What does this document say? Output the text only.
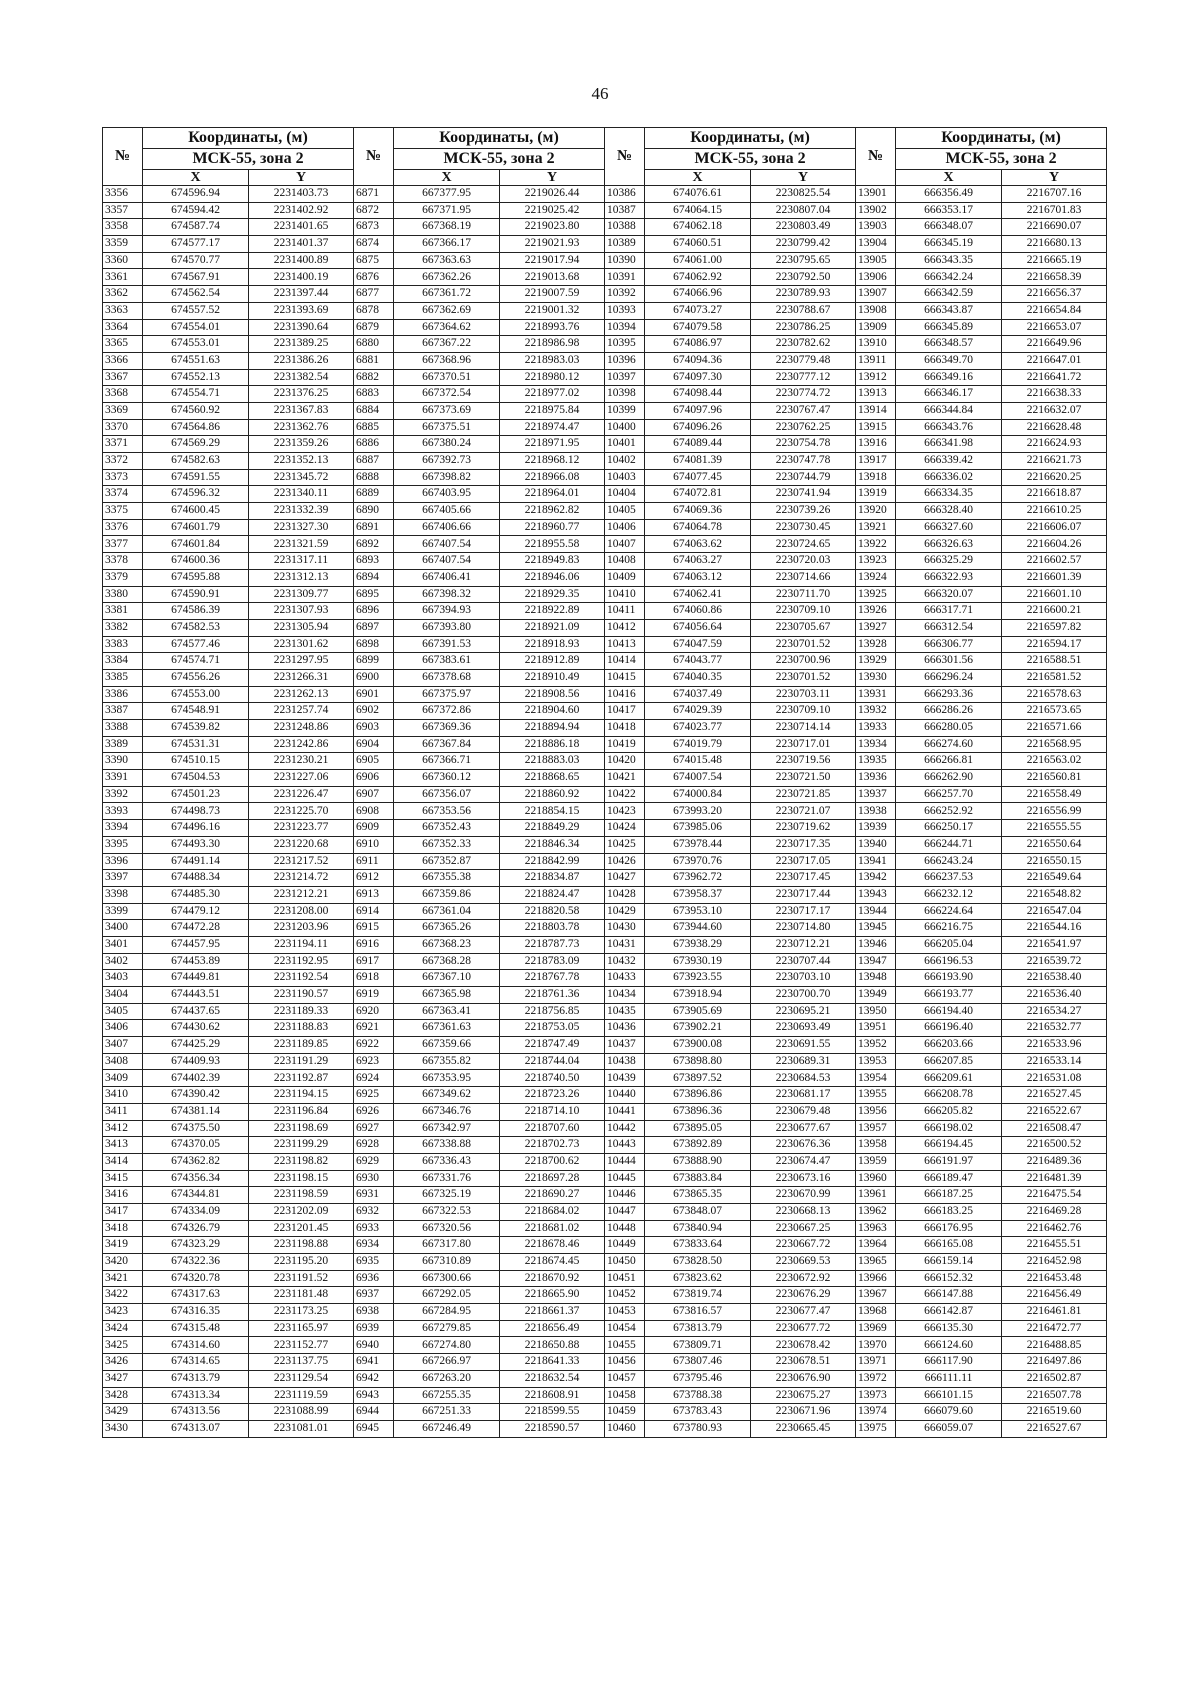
46
№	Координаты, (м)		№	Координаты, (м)		№	Координаты, (м)		№	Координаты, (м)	
	МСК-55, зона 2			МСК-55, зона 2			МСК-55, зона 2			МСК-55, зона 2	
	X	Y		X	Y		X	Y		X	Y
3356	674596.94	2231403.73	6871	667377.95	2219026.44	10386	674076.61	2230825.54	13901	666356.49	2216707.16
3357	674594.42	2231402.92	6872	667371.95	2219025.42	10387	674064.15	2230807.04	13902	666353.17	2216701.83
3358	674587.74	2231401.65	6873	667368.19	2219023.80	10388	674062.18	2230803.49	13903	666348.07	2216690.07
3359	674577.17	2231401.37	6874	667366.17	2219021.93	10389	674060.51	2230799.42	13904	666345.19	2216680.13
3360	674570.77	2231400.89	6875	667363.63	2219017.94	10390	674061.00	2230795.65	13905	666343.35	2216665.19
3361	674567.91	2231400.19	6876	667362.26	2219013.68	10391	674062.92	2230792.50	13906	666342.24	2216658.39
3362	674562.54	2231397.44	6877	667361.72	2219007.59	10392	674066.96	2230789.93	13907	666342.59	2216656.37
3363	674557.52	2231393.69	6878	667362.69	2219001.32	10393	674073.27	2230788.67	13908	666343.87	2216654.84
3364	674554.01	2231390.64	6879	667364.62	2218993.76	10394	674079.58	2230786.25	13909	666345.89	2216653.07
3365	674553.01	2231389.25	6880	667367.22	2218986.98	10395	674086.97	2230782.62	13910	666348.57	2216649.96
3366	674551.63	2231386.26	6881	667368.96	2218983.03	10396	674094.36	2230779.48	13911	666349.70	2216647.01
3367	674552.13	2231382.54	6882	667370.51	2218980.12	10397	674097.30	2230777.12	13912	666349.16	2216641.72
3368	674554.71	2231376.25	6883	667372.54	2218977.02	10398	674098.44	2230774.72	13913	666346.17	2216638.33
3369	674560.92	2231367.83	6884	667373.69	2218975.84	10399	674097.96	2230767.47	13914	666344.84	2216632.07
3370	674564.86	2231362.76	6885	667375.51	2218974.47	10400	674096.26	2230762.25	13915	666343.76	2216628.48
3371	674569.29	2231359.26	6886	667380.24	2218971.95	10401	674089.44	2230754.78	13916	666341.98	2216624.93
3372	674582.63	2231352.13	6887	667392.73	2218968.12	10402	674081.39	2230747.78	13917	666339.42	2216621.73
3373	674591.55	2231345.72	6888	667398.82	2218966.08	10403	674077.45	2230744.79	13918	666336.02	2216620.25
3374	674596.32	2231340.11	6889	667403.95	2218964.01	10404	674072.81	2230741.94	13919	666334.35	2216618.87
3375	674600.45	2231332.39	6890	667405.66	2218962.82	10405	674069.36	2230739.26	13920	666328.40	2216610.25
3376	674601.79	2231327.30	6891	667406.66	2218960.77	10406	674064.78	2230730.45	13921	666327.60	2216606.07
3377	674601.84	2231321.59	6892	667407.54	2218955.58	10407	674063.62	2230724.65	13922	666326.63	2216604.26
3378	674600.36	2231317.11	6893	667407.54	2218949.83	10408	674063.27	2230720.03	13923	666325.29	2216602.57
3379	674595.88	2231312.13	6894	667406.41	2218946.06	10409	674063.12	2230714.66	13924	666322.93	2216601.39
3380	674590.91	2231309.77	6895	667398.32	2218929.35	10410	674062.41	2230711.70	13925	666320.07	2216601.10
3381	674586.39	2231307.93	6896	667394.93	2218922.89	10411	674060.86	2230709.10	13926	666317.71	2216600.21
3382	674582.53	2231305.94	6897	667393.80	2218921.09	10412	674056.64	2230705.67	13927	666312.54	2216597.82
3383	674577.46	2231301.62	6898	667391.53	2218918.93	10413	674047.59	2230701.52	13928	666306.77	2216594.17
3384	674574.71	2231297.95	6899	667383.61	2218912.89	10414	674043.77	2230700.96	13929	666301.56	2216588.51
3385	674556.26	2231266.31	6900	667378.68	2218910.49	10415	674040.35	2230701.52	13930	666296.24	2216581.52
3386	674553.00	2231262.13	6901	667375.97	2218908.56	10416	674037.49	2230703.11	13931	666293.36	2216578.63
3387	674548.91	2231257.74	6902	667372.86	2218904.60	10417	674029.39	2230709.10	13932	666286.26	2216573.65
3388	674539.82	2231248.86	6903	667369.36	2218894.94	10418	674023.77	2230714.14	13933	666280.05	2216571.66
3389	674531.31	2231242.86	6904	667367.84	2218886.18	10419	674019.79	2230717.01	13934	666274.60	2216568.95
3390	674510.15	2231230.21	6905	667366.71	2218883.03	10420	674015.48	2230719.56	13935	666266.81	2216563.02
3391	674504.53	2231227.06	6906	667360.12	2218868.65	10421	674007.54	2230721.50	13936	666262.90	2216560.81
3392	674501.23	2231226.47	6907	667356.07	2218860.92	10422	674000.84	2230721.85	13937	666257.70	2216558.49
3393	674498.73	2231225.70	6908	667353.56	2218854.15	10423	673993.20	2230721.07	13938	666252.92	2216556.99
3394	674496.16	2231223.77	6909	667352.43	2218849.29	10424	673985.06	2230719.62	13939	666250.17	2216555.55
3395	674493.30	2231220.68	6910	667352.33	2218846.34	10425	673978.44	2230717.35	13940	666244.71	2216550.64
3396	674491.14	2231217.52	6911	667352.87	2218842.99	10426	673970.76	2230717.05	13941	666243.24	2216550.15
3397	674488.34	2231214.72	6912	667355.38	2218834.87	10427	673962.72	2230717.45	13942	666237.53	2216549.64
3398	674485.30	2231212.21	6913	667359.86	2218824.47	10428	673958.37	2230717.44	13943	666232.12	2216548.82
3399	674479.12	2231208.00	6914	667361.04	2218820.58	10429	673953.10	2230717.17	13944	666224.64	2216547.04
3400	674472.28	2231203.96	6915	667365.26	2218803.78	10430	673944.60	2230714.80	13945	666216.75	2216544.16
3401	674457.95	2231194.11	6916	667368.23	2218787.73	10431	673938.29	2230712.21	13946	666205.04	2216541.97
3402	674453.89	2231192.95	6917	667368.28	2218783.09	10432	673930.19	2230707.44	13947	666196.53	2216539.72
3403	674449.81	2231192.54	6918	667367.10	2218767.78	10433	673923.55	2230703.10	13948	666193.90	2216538.40
3404	674443.51	2231190.57	6919	667365.98	2218761.36	10434	673918.94	2230700.70	13949	666193.77	2216536.40
3405	674437.65	2231189.33	6920	667363.41	2218756.85	10435	673905.69	2230695.21	13950	666194.40	2216534.27
3406	674430.62	2231188.83	6921	667361.63	2218753.05	10436	673902.21	2230693.49	13951	666196.40	2216532.77
3407	674425.29	2231189.85	6922	667359.66	2218747.49	10437	673900.08	2230691.55	13952	666203.66	2216533.96
3408	674409.93	2231191.29	6923	667355.82	2218744.04	10438	673898.80	2230689.31	13953	666207.85	2216533.14
3409	674402.39	2231192.87	6924	667353.95	2218740.50	10439	673897.52	2230684.53	13954	666209.61	2216531.08
3410	674390.42	2231194.15	6925	667349.62	2218723.26	10440	673896.86	2230681.17	13955	666208.78	2216527.45
3411	674381.14	2231196.84	6926	667346.76	2218714.10	10441	673896.36	2230679.48	13956	666205.82	2216522.67
3412	674375.50	2231198.69	6927	667342.97	2218707.60	10442	673895.05	2230677.67	13957	666198.02	2216508.47
3413	674370.05	2231199.29	6928	667338.88	2218702.73	10443	673892.89	2230676.36	13958	666194.45	2216500.52
3414	674362.82	2231198.82	6929	667336.43	2218700.62	10444	673888.90	2230674.47	13959	666191.97	2216489.36
3415	674356.34	2231198.15	6930	667331.76	2218697.28	10445	673883.84	2230673.16	13960	666189.47	2216481.39
3416	674344.81	2231198.59	6931	667325.19	2218690.27	10446	673865.35	2230670.99	13961	666187.25	2216475.54
3417	674334.09	2231202.09	6932	667322.53	2218684.02	10447	673848.07	2230668.13	13962	666183.25	2216469.28
3418	674326.79	2231201.45	6933	667320.56	2218681.02	10448	673840.94	2230667.25	13963	666176.95	2216462.76
3419	674323.29	2231198.88	6934	667317.80	2218678.46	10449	673833.64	2230667.72	13964	666165.08	2216455.51
3420	674322.36	2231195.20	6935	667310.89	2218674.45	10450	673828.50	2230669.53	13965	666159.14	2216452.98
3421	674320.78	2231191.52	6936	667300.66	2218670.92	10451	673823.62	2230672.92	13966	666152.32	2216453.48
3422	674317.63	2231181.48	6937	667292.05	2218665.90	10452	673819.74	2230676.29	13967	666147.88	2216456.49
3423	674316.35	2231173.25	6938	667284.95	2218661.37	10453	673816.57	2230677.47	13968	666142.87	2216461.81
3424	674315.48	2231165.97	6939	667279.85	2218656.49	10454	673813.79	2230677.72	13969	666135.30	2216472.77
3425	674314.60	2231152.77	6940	667274.80	2218650.88	10455	673809.71	2230678.42	13970	666124.60	2216488.85
3426	674314.65	2231137.75	6941	667266.97	2218641.33	10456	673807.46	2230678.51	13971	666117.90	2216497.86
3427	674313.79	2231129.54	6942	667263.20	2218632.54	10457	673795.46	2230676.90	13972	666111.11	2216502.87
3428	674313.34	2231119.59	6943	667255.35	2218608.91	10458	673788.38	2230675.27	13973	666101.15	2216507.78
3429	674313.56	2231088.99	6944	667251.33	2218599.55	10459	673783.43	2230671.96	13974	666079.60	2216519.60
3430	674313.07	2231081.01	6945	667246.49	2218590.57	10460	673780.93	2230665.45	13975	666059.07	2216527.67
